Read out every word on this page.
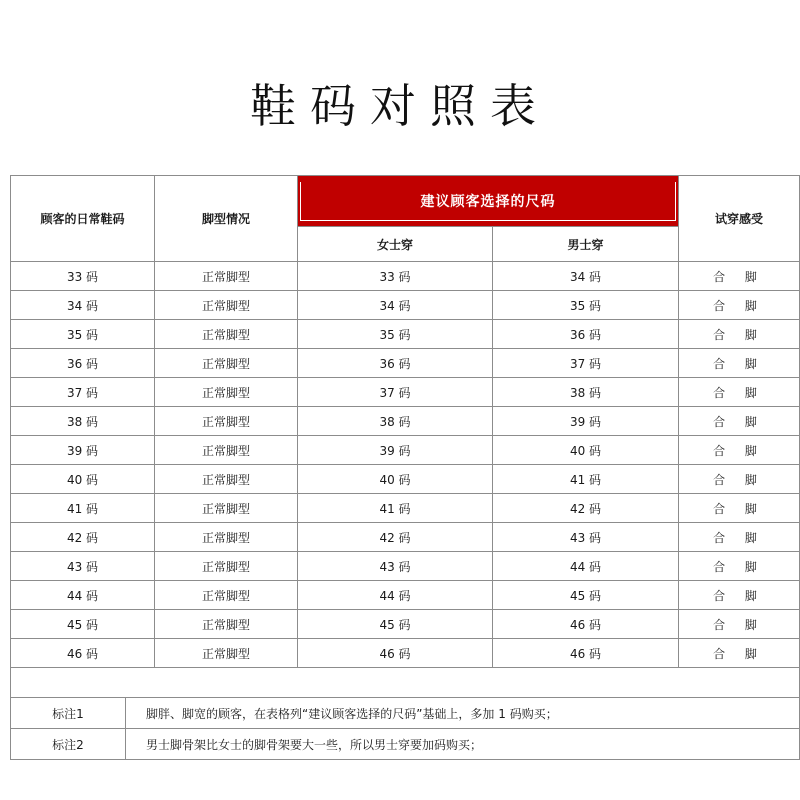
鞋码对照表
顾客的日常鞋码		脚型情况	建议顾客选择的尺码		试穿感受
			女士穿	男士穿	
33 码		正常脚型	33 码	34 码	合 脚
34 码		正常脚型	34 码	35 码	合 脚
35 码		正常脚型	35 码	36 码	合 脚
36 码		正常脚型	36 码	37 码	合 脚
37 码		正常脚型	37 码	38 码	合 脚
38 码		正常脚型	38 码	39 码	合 脚
39 码		正常脚型	39 码	40 码	合 脚
40 码		正常脚型	40 码	41 码	合 脚
41 码		正常脚型	41 码	42 码	合 脚
42 码		正常脚型	42 码	43 码	合 脚
43 码		正常脚型	43 码	44 码	合 脚
44 码		正常脚型	44 码	45 码	合 脚
45 码		正常脚型	45 码	46 码	合 脚
46 码		正常脚型	46 码	46 码	合 脚

标注1	脚胖、脚宽的顾客，在表格列“建议顾客选择的尺码”基础上，多加 1 码购买；				
标注2	男士脚骨架比女士的脚骨架要大一些，所以男士穿要加码购买；				
